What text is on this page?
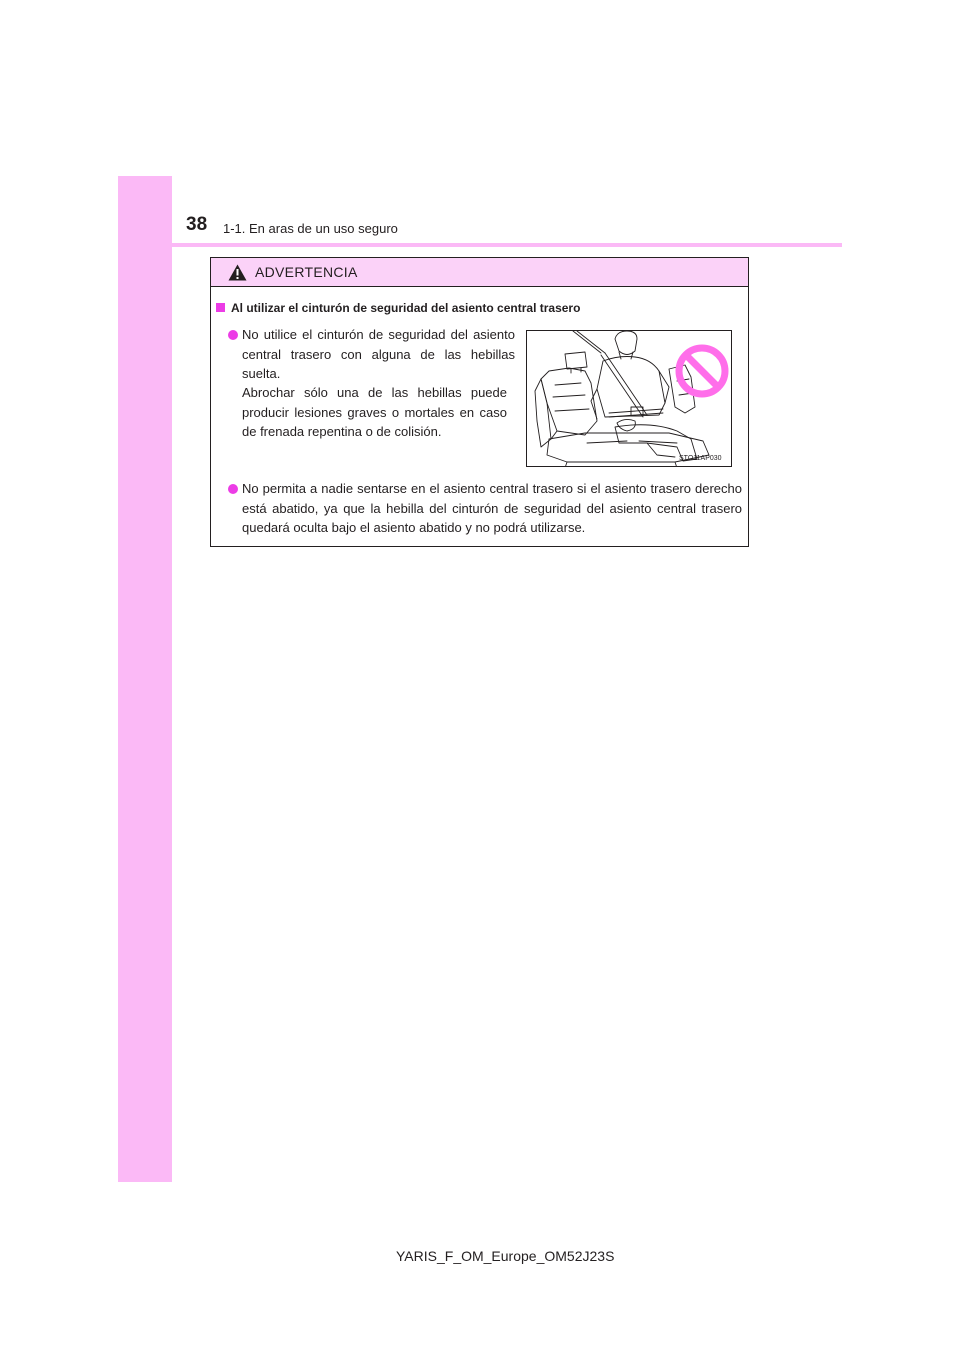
38 1-1. En aras de un uso seguro
ADVERTENCIA
Al utilizar el cinturón de seguridad del asiento central trasero
No utilice el cinturón de seguridad del asiento central trasero con alguna de las hebillas suelta.
Abrochar sólo una de las hebillas puede producir lesiones graves o mortales en caso de frenada repentina o de colisión.
STO11AP030
No permita a nadie sentarse en el asiento central trasero si el asiento trasero derecho está abatido, ya que la hebilla del cinturón de seguridad del asiento central trasero quedará oculta bajo el asiento abatido y no podrá utilizarse.
YARIS_F_OM_Europe_OM52J23S
